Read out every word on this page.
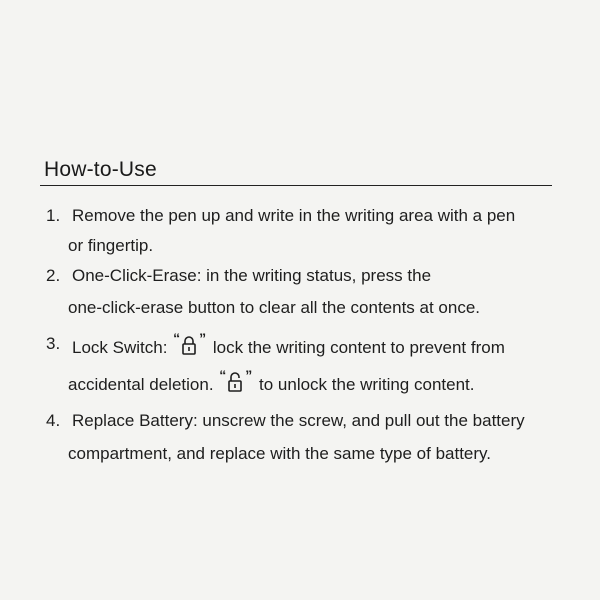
How-to-Use
1. Remove the pen up and write in the writing area with a pen
or fingertip.
2. One-Click-Erase: in the writing status, press the
one-click-erase button to clear all the contents at once.
3. Lock Switch: “ ” lock the writing content to prevent from
accidental deletion. “ ” to unlock the writing content.
4. Replace Battery: unscrew the screw, and pull out the battery
compartment, and replace with the same type of battery.
